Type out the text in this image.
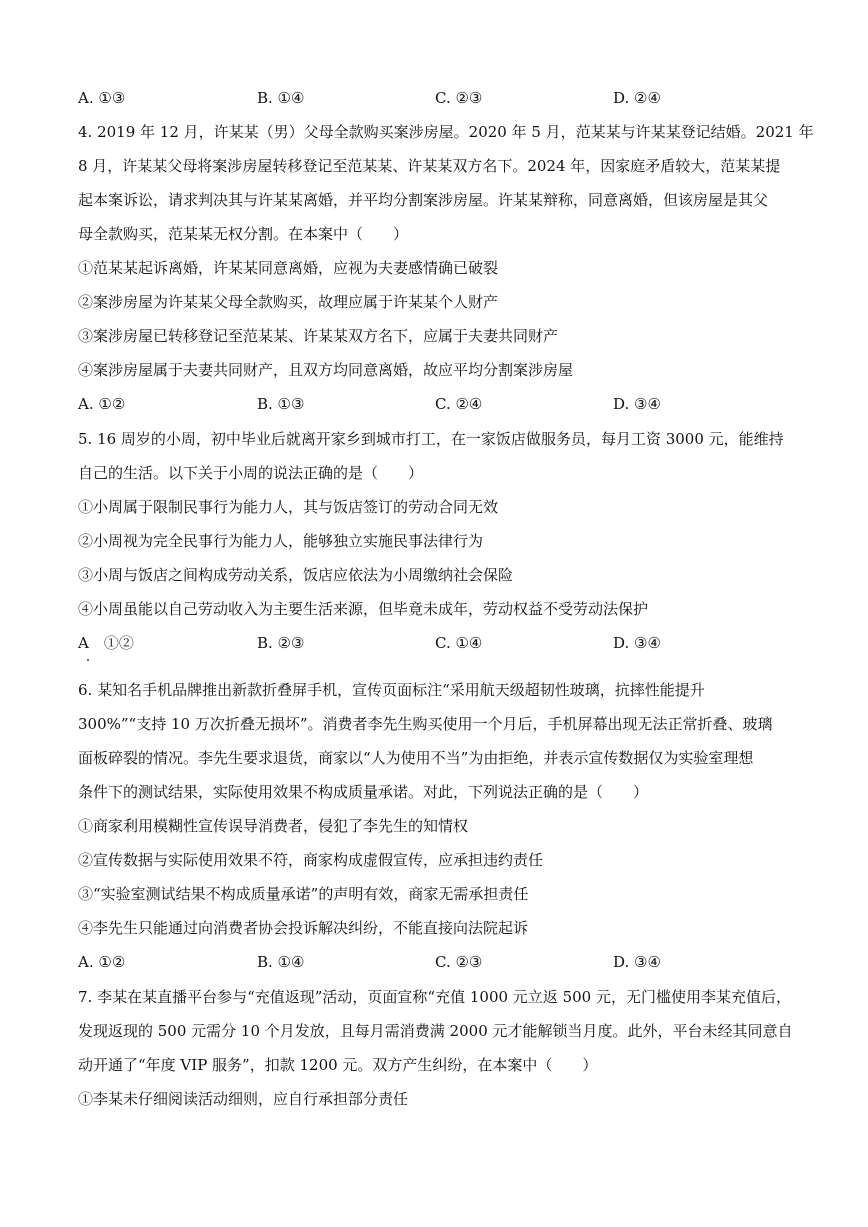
A. ①③	B. ①④	C. ②③	D. ②④
4. 2019 年 12 月，许某某（男）父母全款购买案涉房屋。2020 年 5 月，范某某与许某某登记结婚。2021 年
8 月，许某某父母将案涉房屋转移登记至范某某、许某某双方名下。2024 年，因家庭矛盾较大，范某某提
起本案诉讼，请求判决其与许某某离婚，并平均分割案涉房屋。许某某辩称，同意离婚，但该房屋是其父
母全款购买，范某某无权分割。在本案中（　　）
①范某某起诉离婚，许某某同意离婚，应视为夫妻感情确已破裂
②案涉房屋为许某某父母全款购买，故理应属于许某某个人财产
③案涉房屋已转移登记至范某某、许某某双方名下，应属于夫妻共同财产
④案涉房屋属于夫妻共同财产，且双方均同意离婚，故应平均分割案涉房屋
A. ①②	B. ①③	C. ②④	D. ③④
5. 16 周岁的小周，初中毕业后就离开家乡到城市打工，在一家饭店做服务员，每月工资 3000 元，能维持
自己的生活。以下关于小周的说法正确的是（　　）
①小周属于限制民事行为能力人，其与饭店签订的劳动合同无效
②小周视为完全民事行为能力人，能够独立实施民事法律行为
③小周与饭店之间构成劳动关系，饭店应依法为小周缴纳社会保险
④小周虽能以自己劳动收入为主要生活来源，但毕竟未成年，劳动权益不受劳动法保护
A　①②	B. ②③	C. ①④	D. ③④
6. 某知名手机品牌推出新款折叠屏手机，宣传页面标注“采用航天级超韧性玻璃，抗摔性能提升
300%”“支持 10 万次折叠无损坏”。消费者李先生购买使用一个月后，手机屏幕出现无法正常折叠、玻璃
面板碎裂的情况。李先生要求退货，商家以“人为使用不当”为由拒绝，并表示宣传数据仅为实验室理想
条件下的测试结果，实际使用效果不构成质量承诺。对此，下列说法正确的是（　　）
①商家利用模糊性宣传误导消费者，侵犯了李先生的知情权
②宣传数据与实际使用效果不符，商家构成虚假宣传，应承担违约责任
③“实验室测试结果不构成质量承诺”的声明有效，商家无需承担责任
④李先生只能通过向消费者协会投诉解决纠纷，不能直接向法院起诉
A. ①②	B. ①④	C. ②③	D. ③④
7. 李某在某直播平台参与“充值返现”活动，页面宣称“充值 1000 元立返 500 元，无门槛使用李某充值后，
发现返现的 500 元需分 10 个月发放，且每月需消费满 2000 元才能解锁当月度。此外，平台未经其同意自
动开通了“年度 VIP 服务”，扣款 1200 元。双方产生纠纷，在本案中（　　）
①李某未仔细阅读活动细则，应自行承担部分责任
